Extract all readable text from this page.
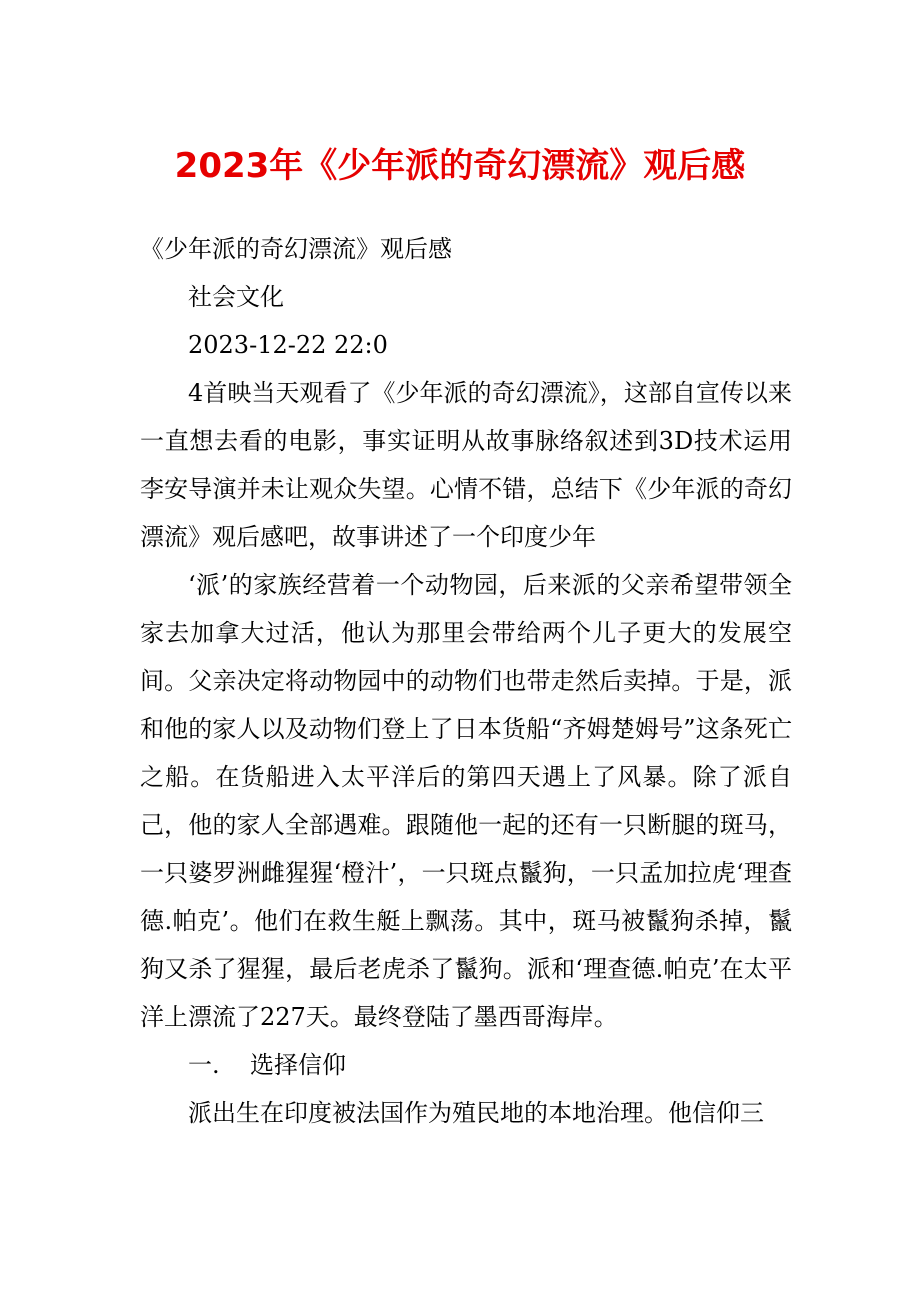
2023年《少年派的奇幻漂流》观后感
《少年派的奇幻漂流》观后感
社会文化
2023-12-22 22:0

4首映当天观看了《少年派的奇幻漂流》，这部自宣传以来一直想去看的电影，事实证明从故事脉络叙述到3D技术运用李安导演并未让观众失望。心情不错，总结下《少年派的奇幻漂流》观后感吧，故事讲述了一个印度少年

‘派’的家族经营着一个动物园，后来派的父亲希望带领全家去加拿大过活，他认为那里会带给两个儿子更大的发展空间。父亲决定将动物园中的动物们也带走然后卖掉。于是，派和他的家人以及动物们登上了日本货船“齐姆楚姆号”这条死亡之船。在货船进入太平洋后的第四天遇上了风暴。除了派自己，他的家人全部遇难。跟随他一起的还有一只断腿的斑马，一只婆罗洲雌猩猩‘橙汁’，一只斑点鬣狗，一只孟加拉虎‘理查德.帕克’。他们在救生艇上飘荡。其中，斑马被鬣狗杀掉，鬣狗又杀了猩猩，最后老虎杀了鬣狗。派和‘理查德.帕克’在太平洋上漂流了227天。最终登陆了墨西哥海岸。

一. 选择信仰
派出生在印度被法国作为殖民地的本地治理。他信仰三
